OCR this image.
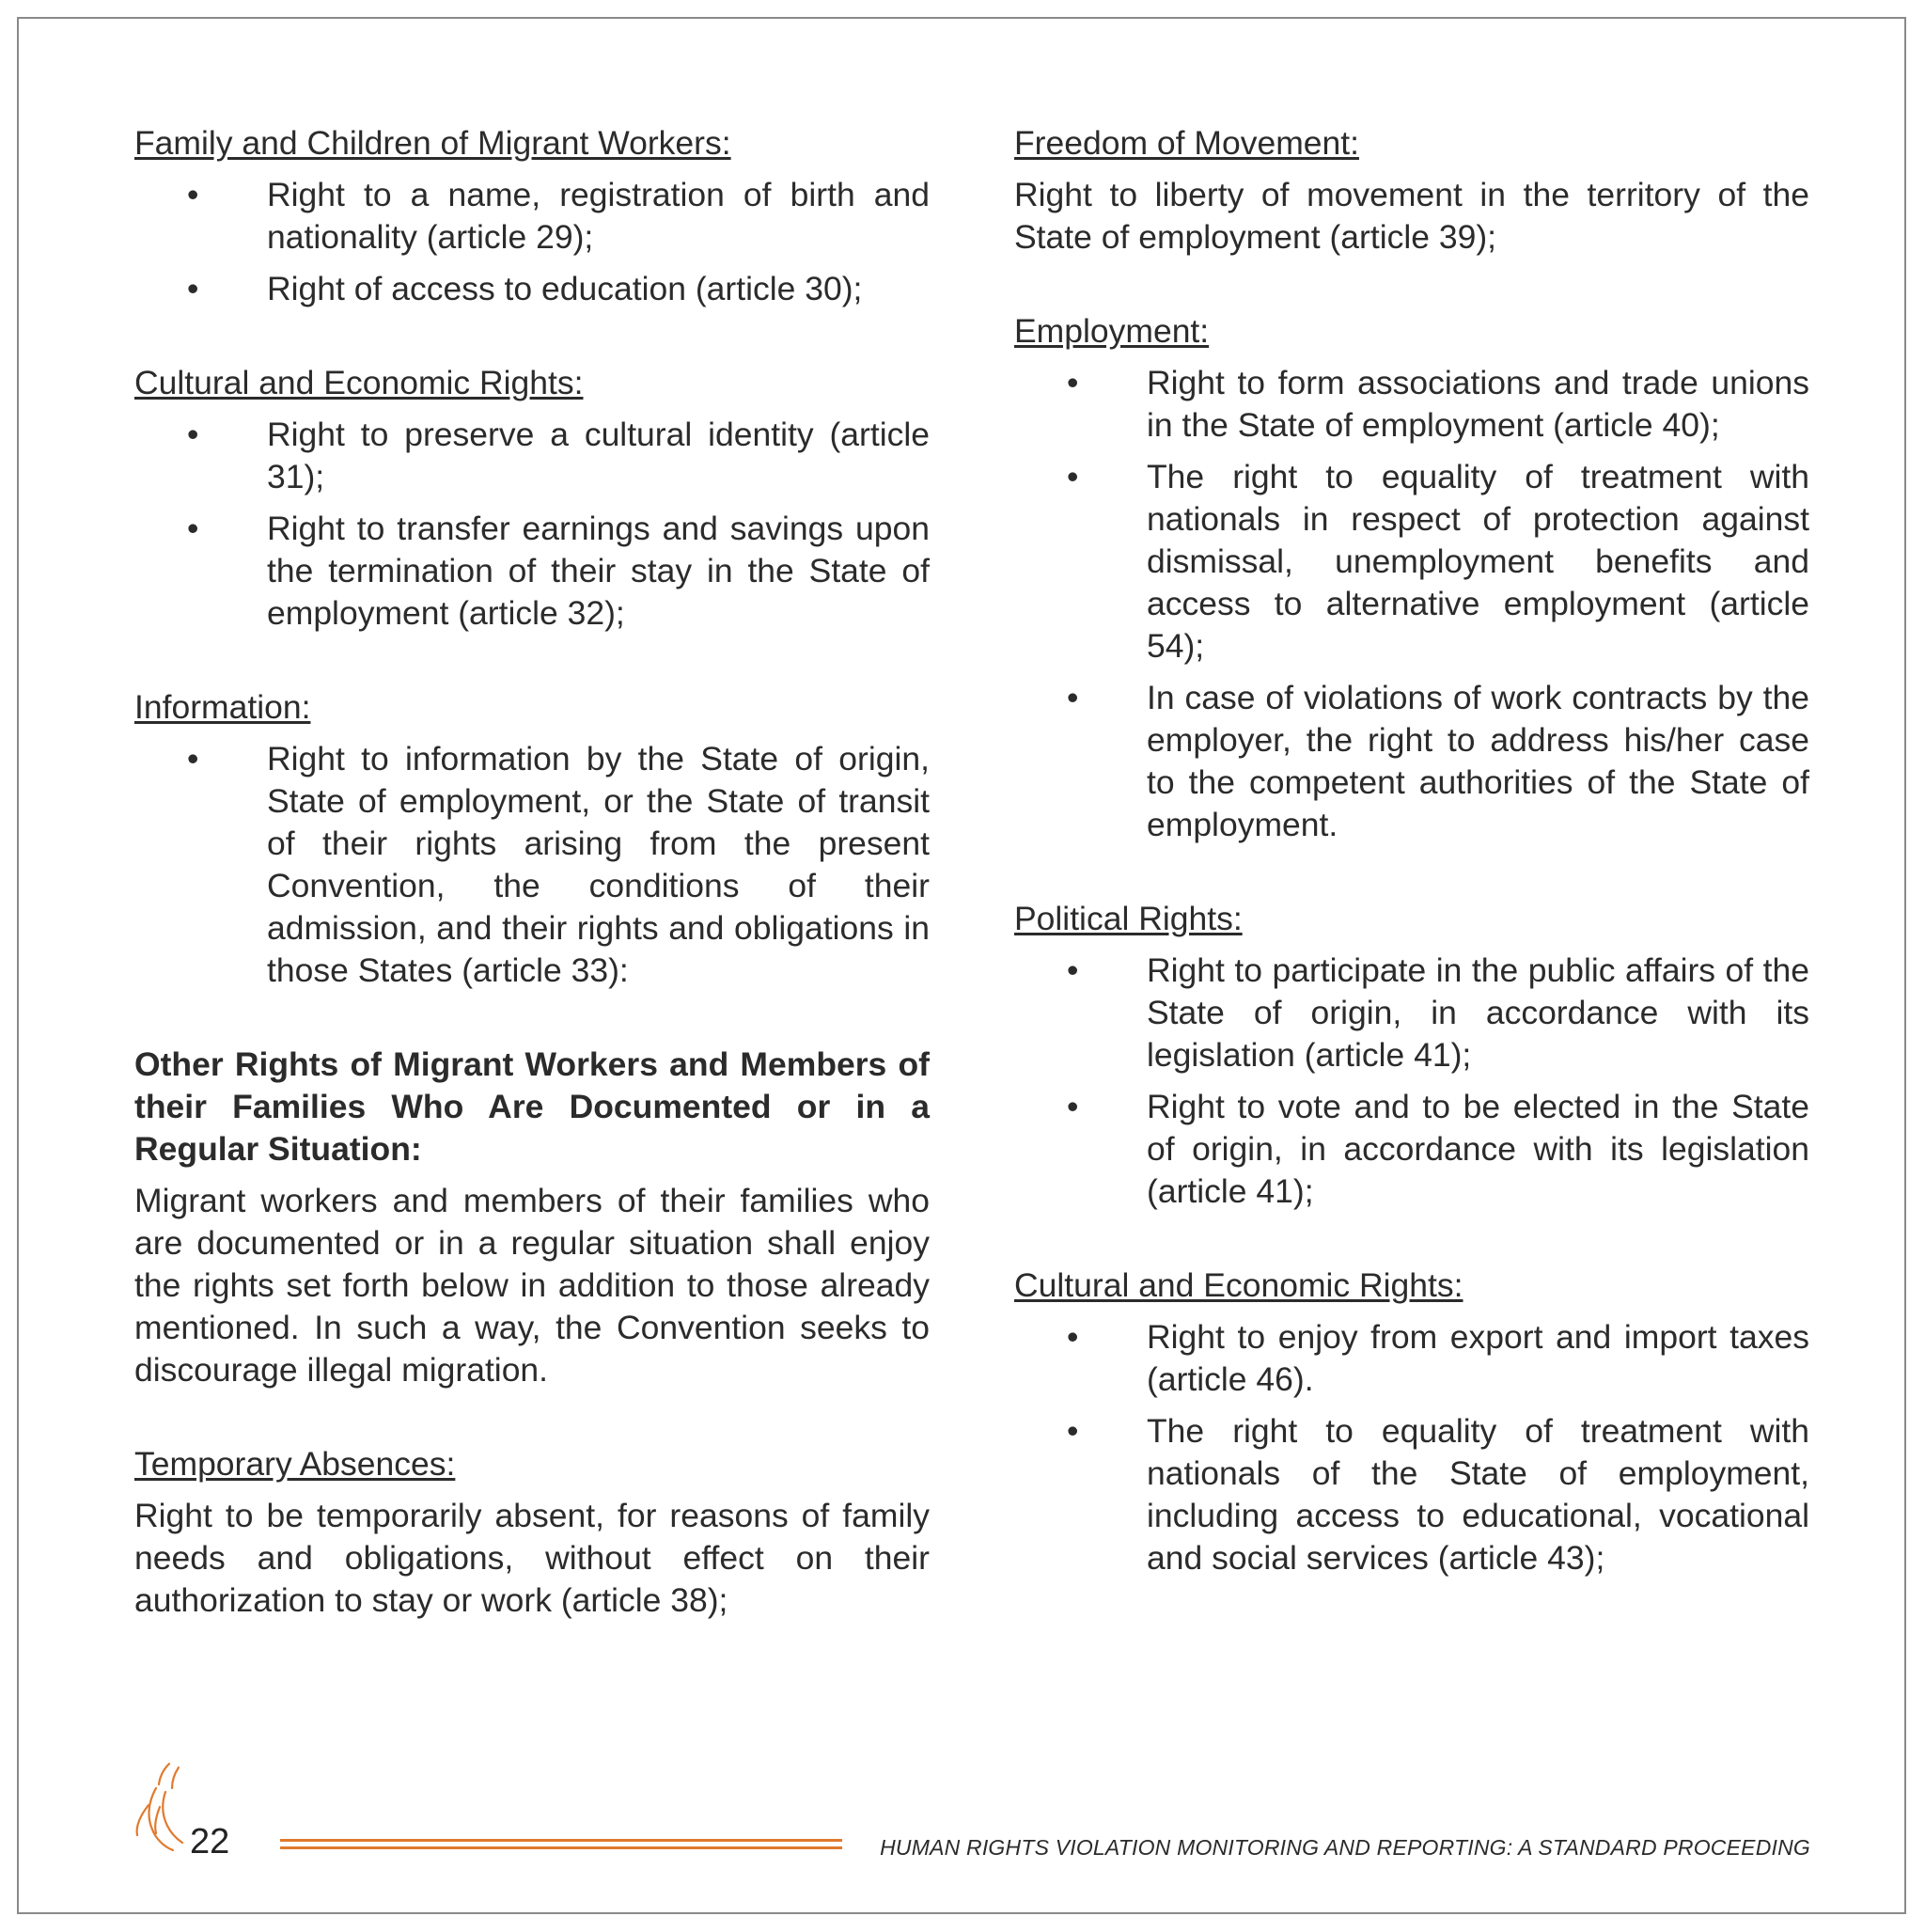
Family and Children of Migrant Workers:
• Right to a name, registration of birth and nationality (article 29);
• Right of access to education (article 30);
Cultural and Economic Rights:
• Right to preserve a cultural identity (article 31);
• Right to transfer earnings and savings upon the termination of their stay in the State of employment (article 32);
Information:
• Right to information by the State of origin, State of employment, or the State of transit of their rights arising from the present Convention, the conditions of their admission, and their rights and obligations in those States (article 33):
Other Rights of Migrant Workers and Members of their Families Who Are Documented or in a Regular Situation:
Migrant workers and members of their families who are documented or in a regular situation shall enjoy the rights set forth below in addition to those already mentioned. In such a way, the Convention seeks to discourage illegal migration.
Temporary Absences:
Right to be temporarily absent, for reasons of family needs and obligations, without effect on their authorization to stay or work (article 38);
Freedom of Movement:
Right to liberty of movement in the territory of the State of employment (article 39);
Employment:
• Right to form associations and trade unions in the State of employment (article 40);
• The right to equality of treatment with nationals in respect of protection against dismissal, unemployment benefits and access to alternative employment (article 54);
• In case of violations of work contracts by the employer, the right to address his/her case to the competent authorities of the State of employment.
Political Rights:
• Right to participate in the public affairs of the State of origin, in accordance with its legislation (article 41);
• Right to vote and to be elected in the State of origin, in accordance with its legislation (article 41);
Cultural and Economic Rights:
• Right to enjoy from export and import taxes (article 46).
• The right to equality of treatment with nationals of the State of employment, including access to educational, vocational and social services (article 43);
22	HUMAN RIGHTS VIOLATION MONITORING AND REPORTING: A STANDARD PROCEEDING
